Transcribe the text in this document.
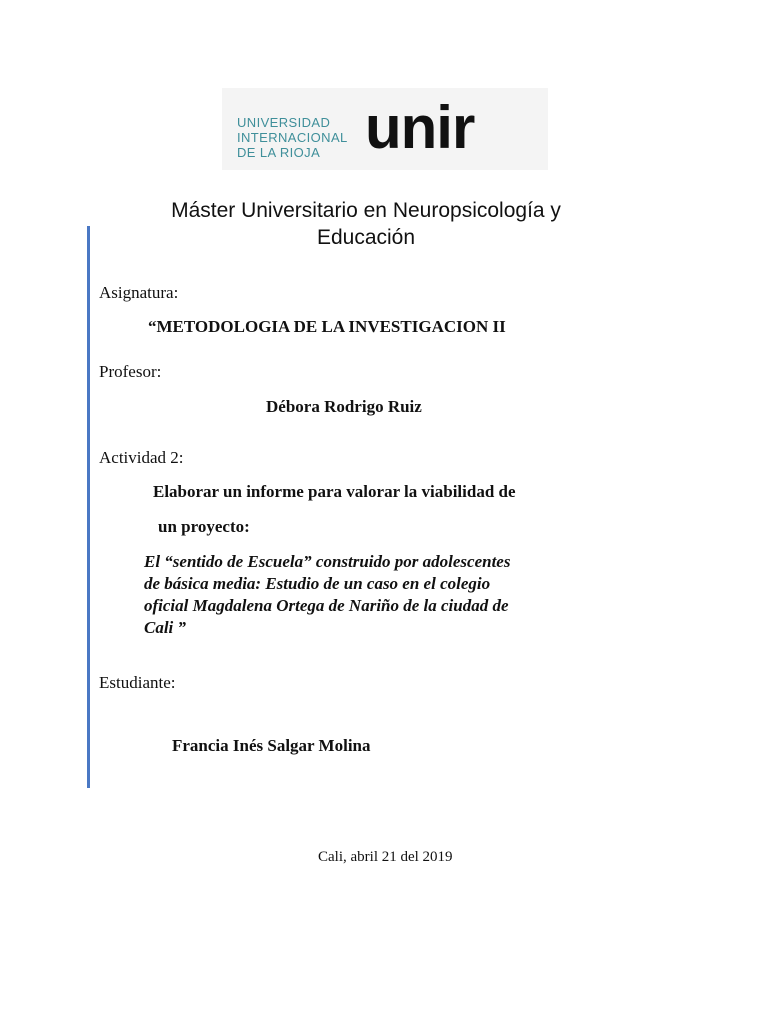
UNIVERSIDAD
INTERNACIONAL
DE LA RIOJA unir
Máster Universitario en Neuropsicología y
Educación
Asignatura:
“METODOLOGIA DE LA INVESTIGACION II
Profesor:
Débora Rodrigo Ruiz
Actividad 2:
Elaborar un informe para valorar la viabilidad de
un proyecto:
El “sentido de Escuela” construido por adolescentes
de básica media: Estudio de un caso en el colegio
oficial Magdalena Ortega de Nariño de la ciudad de
Cali ”
Estudiante:
Francia Inés Salgar Molina
Cali, abril 21 del 2019
